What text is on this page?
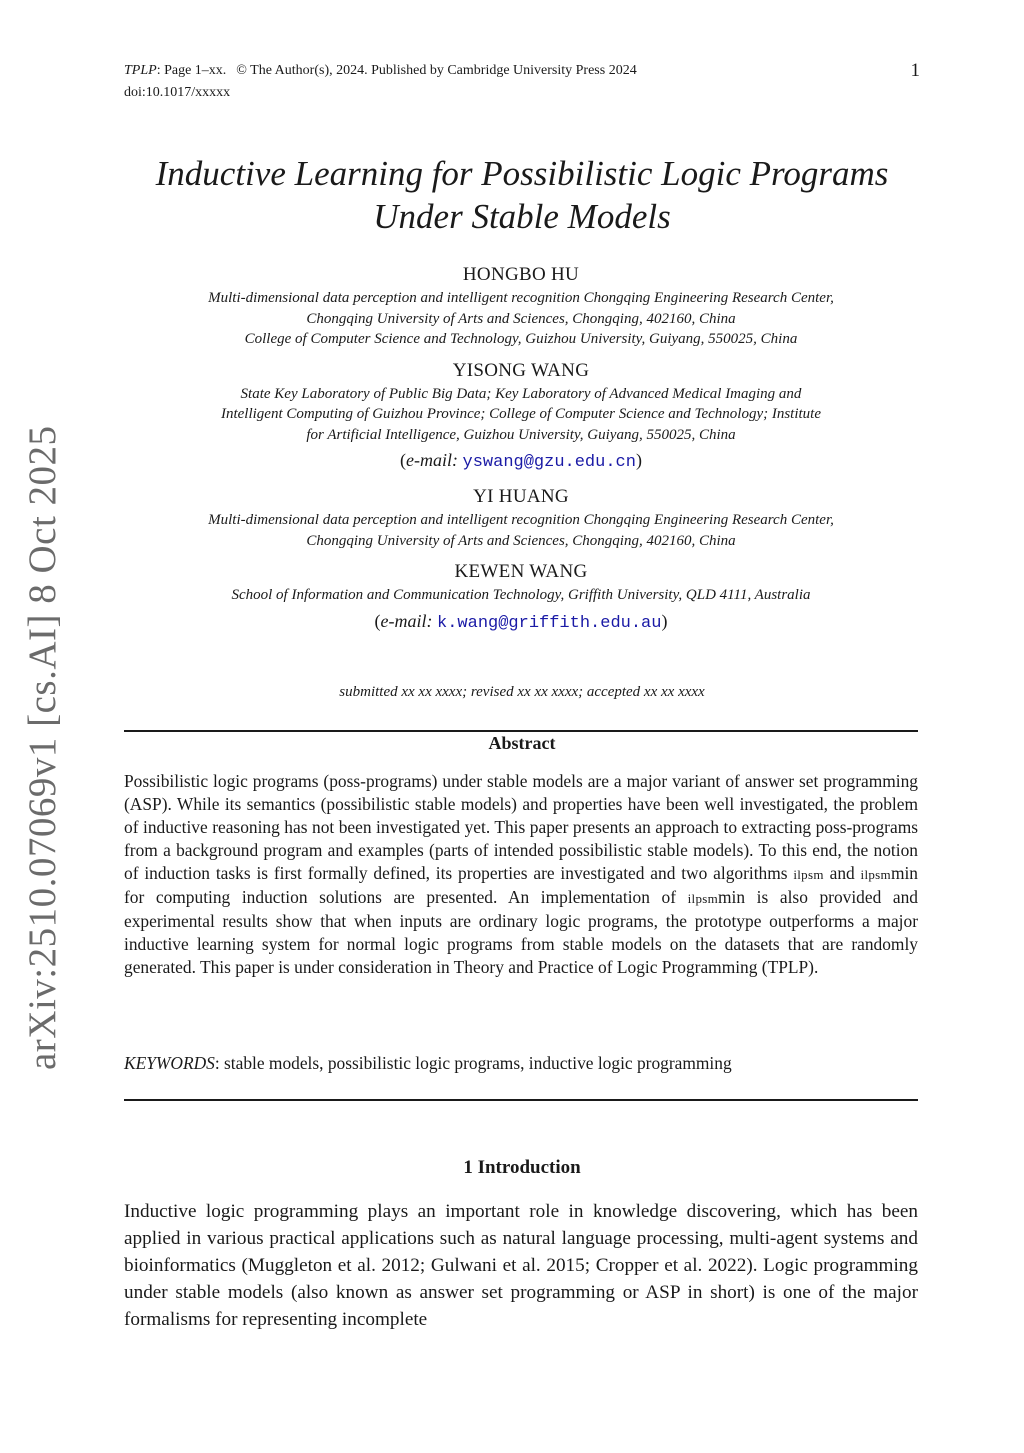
arXiv:2510.07069v1 [cs.AI] 8 Oct 2025
TPLP : Page 1–xx. © The Author(s), 2024. Published by Cambridge University Press 2024
doi:10.1017/xxxxx
1
Inductive Learning for Possibilistic Logic Programs
Under Stable Models
HONGBO HU
Multi-dimensional data perception and intelligent recognition Chongqing Engineering Research Center,
Chongqing University of Arts and Sciences, Chongqing, 402160, China
College of Computer Science and Technology, Guizhou University, Guiyang, 550025, China
YISONG WANG
State Key Laboratory of Public Big Data; Key Laboratory of Advanced Medical Imaging and
Intelligent Computing of Guizhou Province; College of Computer Science and Technology; Institute
for Artificial Intelligence, Guizhou University, Guiyang, 550025, China
(e-mail: yswang@gzu.edu.cn)
YI HUANG
Multi-dimensional data perception and intelligent recognition Chongqing Engineering Research Center,
Chongqing University of Arts and Sciences, Chongqing, 402160, China
KEWEN WANG
School of Information and Communication Technology, Griffith University, QLD 4111, Australia
(e-mail: k.wang@griffith.edu.au)
submitted xx xx xxxx; revised xx xx xxxx; accepted xx xx xxxx
Abstract
Possibilistic logic programs (poss-programs) under stable models are a major variant of answer set programming (ASP). While its semantics (possibilistic stable models) and properties have been well investigated, the problem of inductive reasoning has not been investigated yet. This paper presents an approach to extracting poss-programs from a background program and examples (parts of intended possibilistic stable models). To this end, the notion of induction tasks is first formally defined, its properties are investigated and two algorithms ilpsm and ilpsmmin for computing induction solutions are presented. An implementation of ilpsmmin is also provided and experimental results show that when inputs are ordinary logic programs, the prototype outperforms a major inductive learning system for normal logic programs from stable models on the datasets that are randomly generated. This paper is under consideration in Theory and Practice of Logic Programming (TPLP).
KEYWORDS: stable models, possibilistic logic programs, inductive logic programming
1 Introduction
Inductive logic programming plays an important role in knowledge discovering, which has been applied in various practical applications such as natural language processing, multi-agent systems and bioinformatics (Muggleton et al. 2012; Gulwani et al. 2015; Cropper et al. 2022). Logic programming under stable models (also known as answer set programming or ASP in short) is one of the major formalisms for representing incomplete
